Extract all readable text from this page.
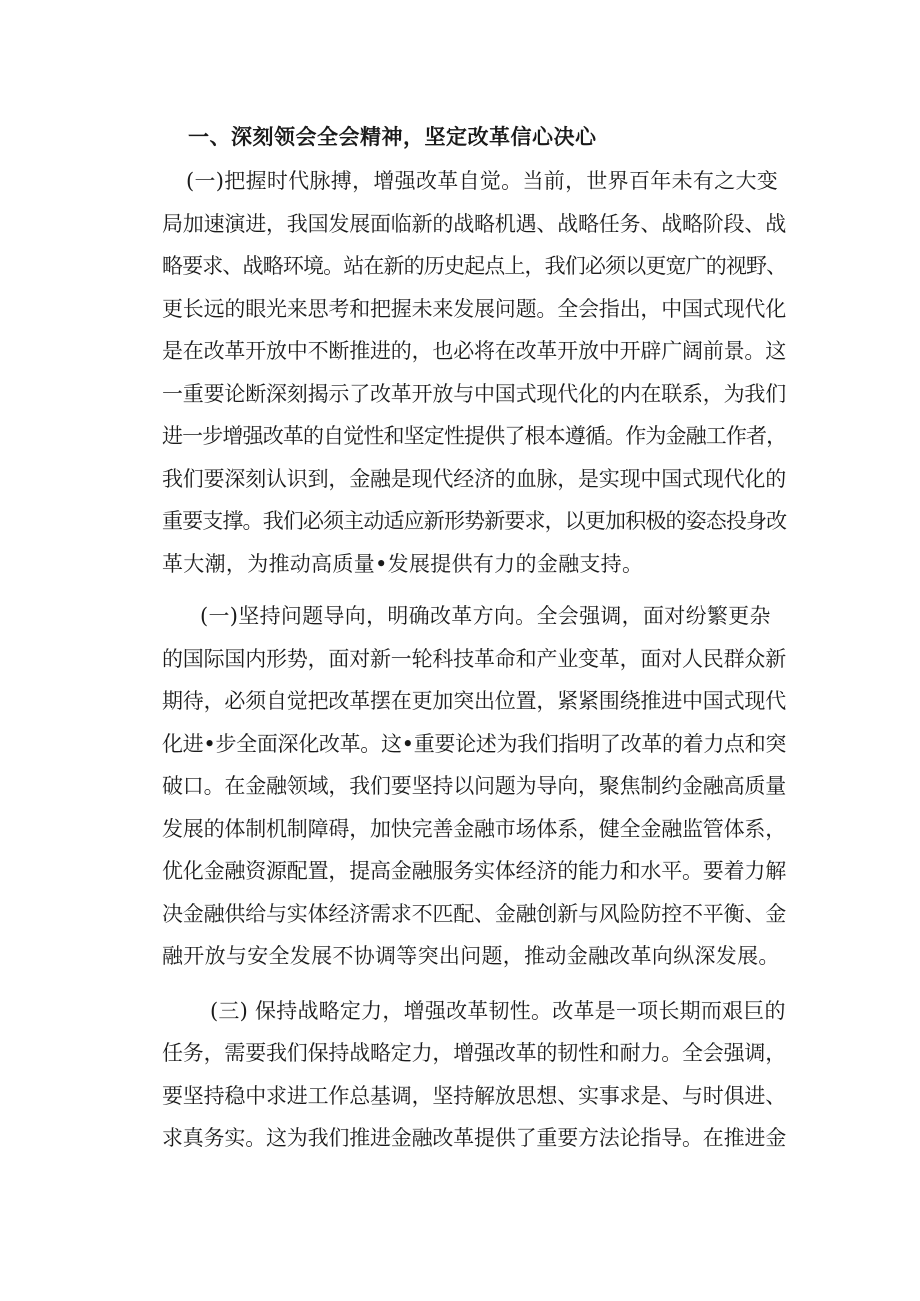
一、深刻领会全会精神，坚定改革信心决心

(一)把握时代脉搏，增强改革自觉。当前，世界百年未有之大变
局加速演进，我国发展面临新的战略机遇、战略任务、战略阶段、战
略要求、战略环境。站在新的历史起点上，我们必须以更宽广的视野、
更长远的眼光来思考和把握未来发展问题。全会指出，中国式现代化
是在改革开放中不断推进的，也必将在改革开放中开辟广阔前景。这
一重要论断深刻揭示了改革开放与中国式现代化的内在联系，为我们
进一步增强改革的自觉性和坚定性提供了根本遵循。作为金融工作者，
我们要深刻认识到，金融是现代经济的血脉，是实现中国式现代化的
重要支撑。我们必须主动适应新形势新要求，以更加积极的姿态投身改
革大潮，为推动高质量•发展提供有力的金融支持。

(一)坚持问题导向，明确改革方向。全会强调，面对纷繁更杂
的国际国内形势，面对新一轮科技革命和产业变革，面对人民群众新
期待，必须自觉把改革摆在更加突出位置，紧紧围绕推进中国式现代
化进•步全面深化改革。这•重要论述为我们指明了改革的着力点和突
破口。在金融领域，我们要坚持以问题为导向，聚焦制约金融高质量
发展的体制机制障碍，加快完善金融市场体系，健全金融监管体系，
优化金融资源配置，提高金融服务实体经济的能力和水平。要着力解
决金融供给与实体经济需求不匹配、金融创新与风险防控不平衡、金
融开放与安全发展不协调等突出问题，推动金融改革向纵深发展。

(三) 保持战略定力，增强改革韧性。改革是一项长期而艰巨的
任务，需要我们保持战略定力，增强改革的韧性和耐力。全会强调，
要坚持稳中求进工作总基调，坚持解放思想、实事求是、与时俱进、
求真务实。这为我们推进金融改革提供了重要方法论指导。在推进金
